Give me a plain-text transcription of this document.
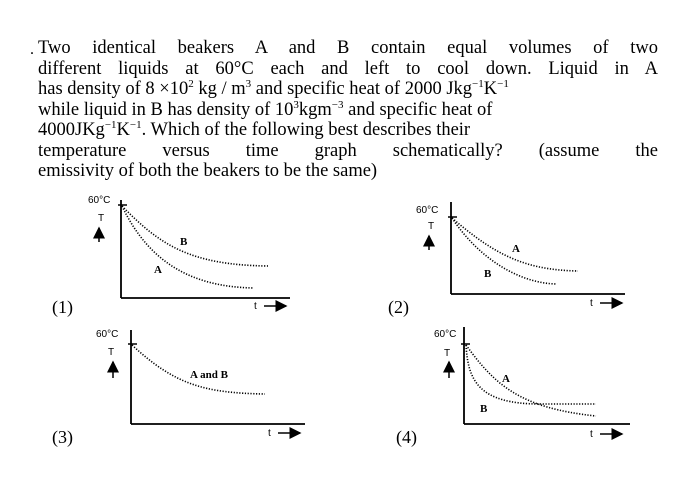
. Two identical beakers A and B contain equal volumes of two
different liquids at 60°C each and left to cool down. Liquid in A
has density of $8 \times 10^2$ kg / $m^3$ and specific heat of 2000 $Jkg^{-1}K^{-1}$
while liquid in B has density of $10^3kgm^{-3}$ and specific heat of
$4000JKg^{-1}K^{-1}$. Which of the following best describes their
temperature versus time graph schematically? (assume the
emissivity of both the beakers to be the same)
(1)
60°C
T
t
B
A
(2)
60°C
T
t
A
B
(3)
60°C
T
t
A and B
(4)
60°C
T
t
A
B
